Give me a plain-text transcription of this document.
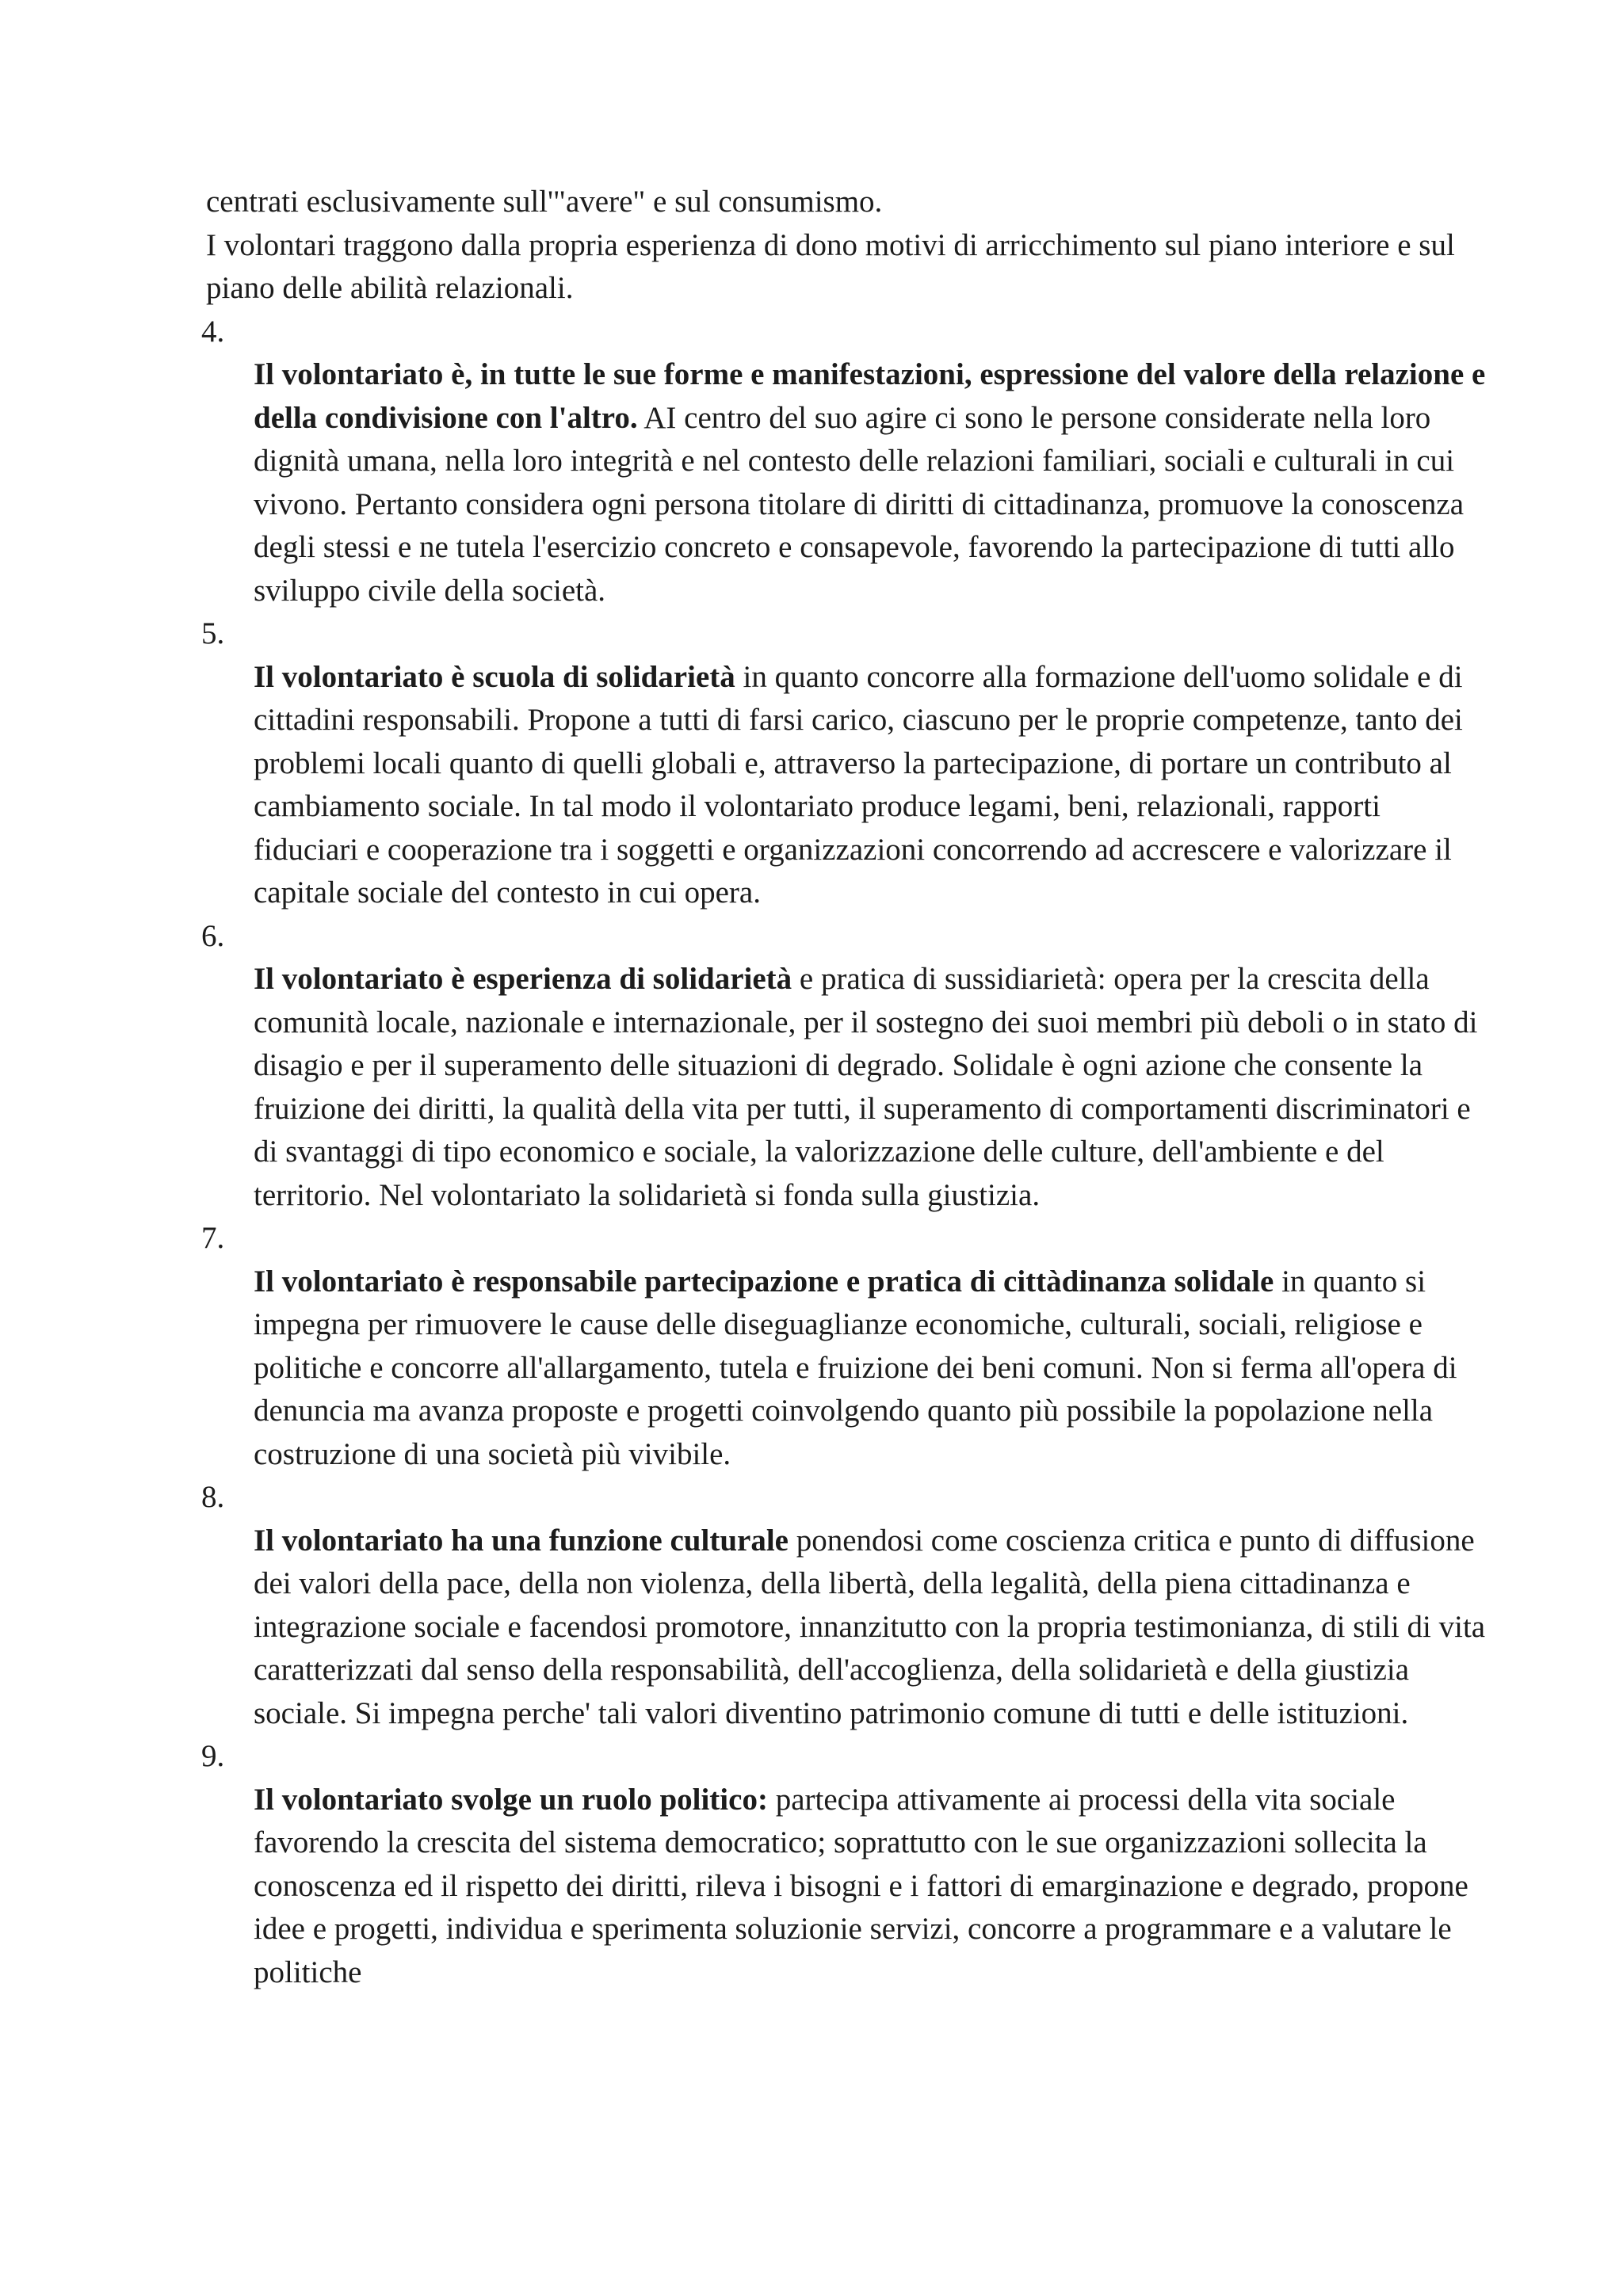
centrati esclusivamente sull'"avere" e sul consumismo.

I volontari traggono dalla propria esperienza di dono motivi di arricchimento sul piano interiore e sul piano delle abilità relazionali.

4.
Il volontariato è, in tutte le sue forme e manifestazioni, espressione del valore della relazione e della condivisione con l'altro. AI centro del suo agire ci sono le persone considerate nella loro dignità umana, nella loro integrità e nel contesto delle relazioni familiari, sociali e culturali in cui vivono. Pertanto considera ogni persona titolare di diritti di cittadinanza, promuove la conoscenza degli stessi e ne tutela l'esercizio concreto e consapevole, favorendo la partecipazione di tutti allo sviluppo civile della società.
5.
Il volontariato è scuola di solidarietà in quanto concorre alla formazione dell'uomo solidale e di cittadini responsabili. Propone a tutti di farsi carico, ciascuno per le proprie competenze, tanto dei problemi locali quanto di quelli globali e, attraverso la partecipazione, di portare un contributo al cambiamento sociale. In tal modo il volontariato produce legami, beni, relazionali, rapporti fiduciari e cooperazione tra i soggetti e organizzazioni concorrendo ad accrescere e valorizzare il capitale sociale del contesto in cui opera.
6.
Il volontariato è esperienza di solidarietà e pratica di sussidiarietà: opera per la crescita della comunità locale, nazionale e internazionale, per il sostegno dei suoi membri più deboli o in stato di disagio e per il superamento delle situazioni di degrado. Solidale è ogni azione che consente la fruizione dei diritti, la qualità della vita per tutti, il superamento di comportamenti discriminatori e di svantaggi di tipo economico e sociale, la valorizzazione delle culture, dell'ambiente e del territorio. Nel volontariato la solidarietà si fonda sulla giustizia.
7.
Il volontariato è responsabile partecipazione e pratica di cittàdinanza solidale in quanto si impegna per rimuovere le cause delle diseguaglianze economiche, culturali, sociali, religiose e politiche e concorre all'allargamento, tutela e fruizione dei beni comuni. Non si ferma all'opera di denuncia ma avanza proposte e progetti coinvolgendo quanto più possibile la popolazione nella costruzione di una società più vivibile.
8.
Il volontariato ha una funzione culturale ponendosi come coscienza critica e punto di diffusione dei valori della pace, della non violenza, della libertà, della legalità, della piena cittadinanza e integrazione sociale e facendosi promotore, innanzitutto con la propria testimonianza, di stili di vita caratterizzati dal senso della responsabilità, dell'accoglienza, della solidarietà e della giustizia sociale. Si impegna perche' tali valori diventino patrimonio comune di tutti e delle istituzioni.
9.
Il volontariato svolge un ruolo politico: partecipa attivamente ai processi della vita sociale favorendo la crescita del sistema democratico; soprattutto con le sue organizzazioni sollecita la conoscenza ed il rispetto dei diritti, rileva i bisogni e i fattori di emarginazione e degrado, propone idee e progetti, individua e sperimenta soluzionie servizi, concorre a programmare e a valutare le politiche
